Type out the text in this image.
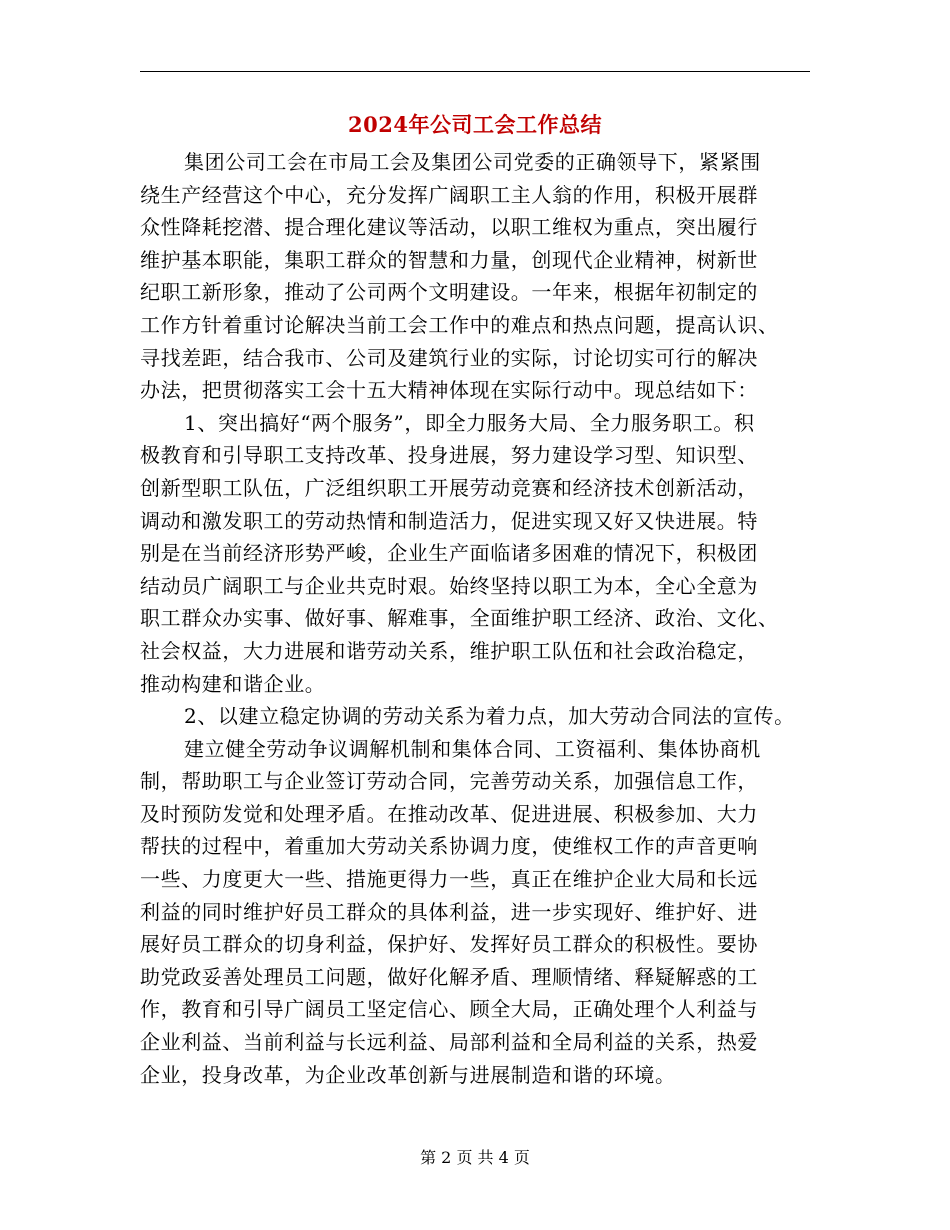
2024年公司工会工作总结
集团公司工会在市局工会及集团公司党委的正确领导下，紧紧围
绕生产经营这个中心，充分发挥广阔职工主人翁的作用，积极开展群
众性降耗挖潜、提合理化建议等活动，以职工维权为重点，突出履行
维护基本职能，集职工群众的智慧和力量，创现代企业精神，树新世
纪职工新形象，推动了公司两个文明建设。一年来，根据年初制定的
工作方针着重讨论解决当前工会工作中的难点和热点问题，提高认识、
寻找差距，结合我市、公司及建筑行业的实际，讨论切实可行的解决
办法，把贯彻落实工会十五大精神体现在实际行动中。现总结如下：
1、突出搞好“两个服务”，即全力服务大局、全力服务职工。积
极教育和引导职工支持改革、投身进展，努力建设学习型、知识型、
创新型职工队伍，广泛组织职工开展劳动竞赛和经济技术创新活动，
调动和激发职工的劳动热情和制造活力，促进实现又好又快进展。特
别是在当前经济形势严峻，企业生产面临诸多困难的情况下，积极团
结动员广阔职工与企业共克时艰。始终坚持以职工为本，全心全意为
职工群众办实事、做好事、解难事，全面维护职工经济、政治、文化、
社会权益，大力进展和谐劳动关系，维护职工队伍和社会政治稳定，
推动构建和谐企业。
2、以建立稳定协调的劳动关系为着力点，加大劳动合同法的宣传。
建立健全劳动争议调解机制和集体合同、工资福利、集体协商机
制，帮助职工与企业签订劳动合同，完善劳动关系，加强信息工作，
及时预防发觉和处理矛盾。在推动改革、促进进展、积极参加、大力
帮扶的过程中，着重加大劳动关系协调力度，使维权工作的声音更响
一些、力度更大一些、措施更得力一些，真正在维护企业大局和长远
利益的同时维护好员工群众的具体利益，进一步实现好、维护好、进
展好员工群众的切身利益，保护好、发挥好员工群众的积极性。要协
助党政妥善处理员工问题，做好化解矛盾、理顺情绪、释疑解惑的工
作，教育和引导广阔员工坚定信心、顾全大局，正确处理个人利益与
企业利益、当前利益与长远利益、局部利益和全局利益的关系，热爱
企业，投身改革，为企业改革创新与进展制造和谐的环境。
第 2 页 共 4 页
